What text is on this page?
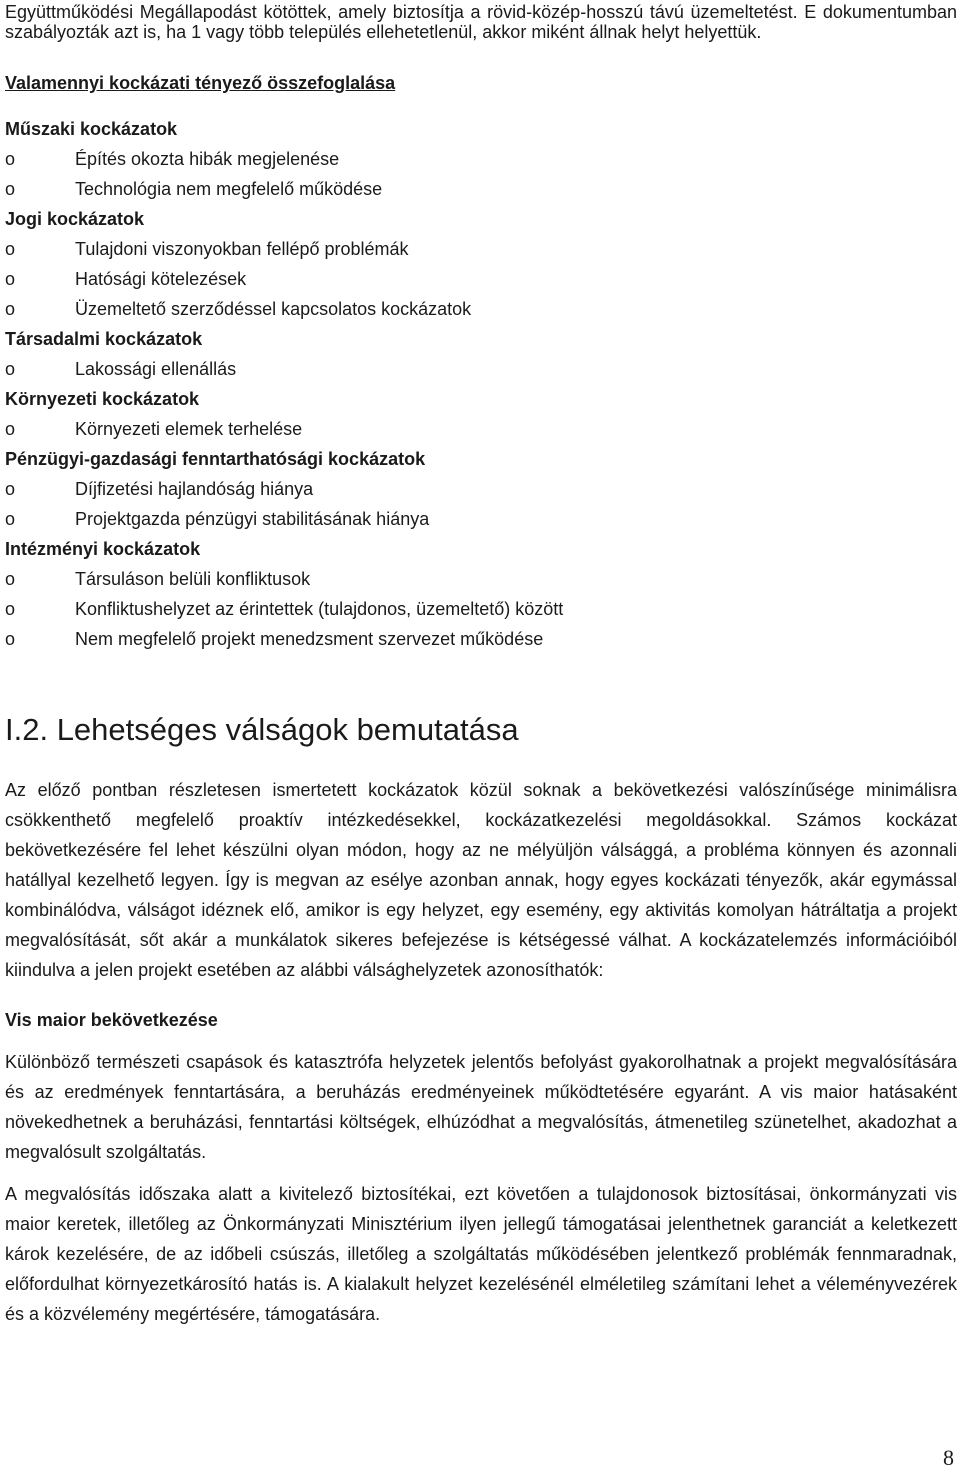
Együttműködési Megállapodást kötöttek, amely biztosítja a rövid-közép-hosszú távú üzemeltetést. E dokumentumban szabályozták azt is, ha 1 vagy több település ellehetetlenül, akkor miként állnak helyt helyettük.

Valamennyi kockázati tényező összefoglalása
Műszaki kockázatok
o	Építés okozta hibák megjelenése
o	Technológia nem megfelelő működése
Jogi kockázatok
o	Tulajdoni viszonyokban fellépő problémák
o	Hatósági kötelezések
o	Üzemeltető szerződéssel kapcsolatos kockázatok
Társadalmi kockázatok
o	Lakossági ellenállás
Környezeti kockázatok
o	Környezeti elemek terhelése
Pénzügyi-gazdasági fenntarthatósági kockázatok
o	Díjfizetési hajlandóság hiánya
o	Projektgazda pénzügyi stabilitásának hiánya
Intézményi kockázatok
o	Társuláson belüli konfliktusok
o	Konfliktushelyzet az érintettek (tulajdonos, üzemeltető) között
o	Nem megfelelő projekt menedzsment szervezet működése
I.2. Lehetséges válságok bemutatása

Az előző pontban részletesen ismertetett kockázatok közül soknak a bekövetkezési valószínűsége minimálisra csökkenthető megfelelő proaktív intézkedésekkel, kockázatkezelési megoldásokkal. Számos kockázat bekövetkezésére fel lehet készülni olyan módon, hogy az ne mélyüljön válsággá, a probléma könnyen és azonnali hatállyal kezelhető legyen. Így is megvan az esélye azonban annak, hogy egyes kockázati tényezők, akár egymással kombinálódva, válságot idéznek elő, amikor is egy helyzet, egy esemény, egy aktivitás komolyan hátráltatja a projekt megvalósítását, sőt akár a munkálatok sikeres befejezése is kétségessé válhat. A kockázatelemzés információiból kiindulva a jelen projekt esetében az alábbi válsághelyzetek azonosíthatók:

Vis maior bekövetkezése

Különböző természeti csapások és katasztrófa helyzetek jelentős befolyást gyakorolhatnak a projekt megvalósítására és az eredmények fenntartására, a beruházás eredményeinek működtetésére egyaránt. A vis maior hatásaként növekedhetnek a beruházási, fenntartási költségek, elhúzódhat a megvalósítás, átmenetileg szünetelhet, akadozhat a megvalósult szolgáltatás.

A megvalósítás időszaka alatt a kivitelező biztosítékai, ezt követően a tulajdonosok biztosításai, önkormányzati vis maior keretek, illetőleg az Önkormányzati Minisztérium ilyen jellegű támogatásai jelenthetnek garanciát a keletkezett károk kezelésére, de az időbeli csúszás, illetőleg a szolgáltatás működésében jelentkező problémák fennmaradnak, előfordulhat környezetkárosító hatás is. A kialakult helyzet kezelésénél elméletileg számítani lehet a véleményvezérek és a közvélemény megértésére, támogatására.

8
